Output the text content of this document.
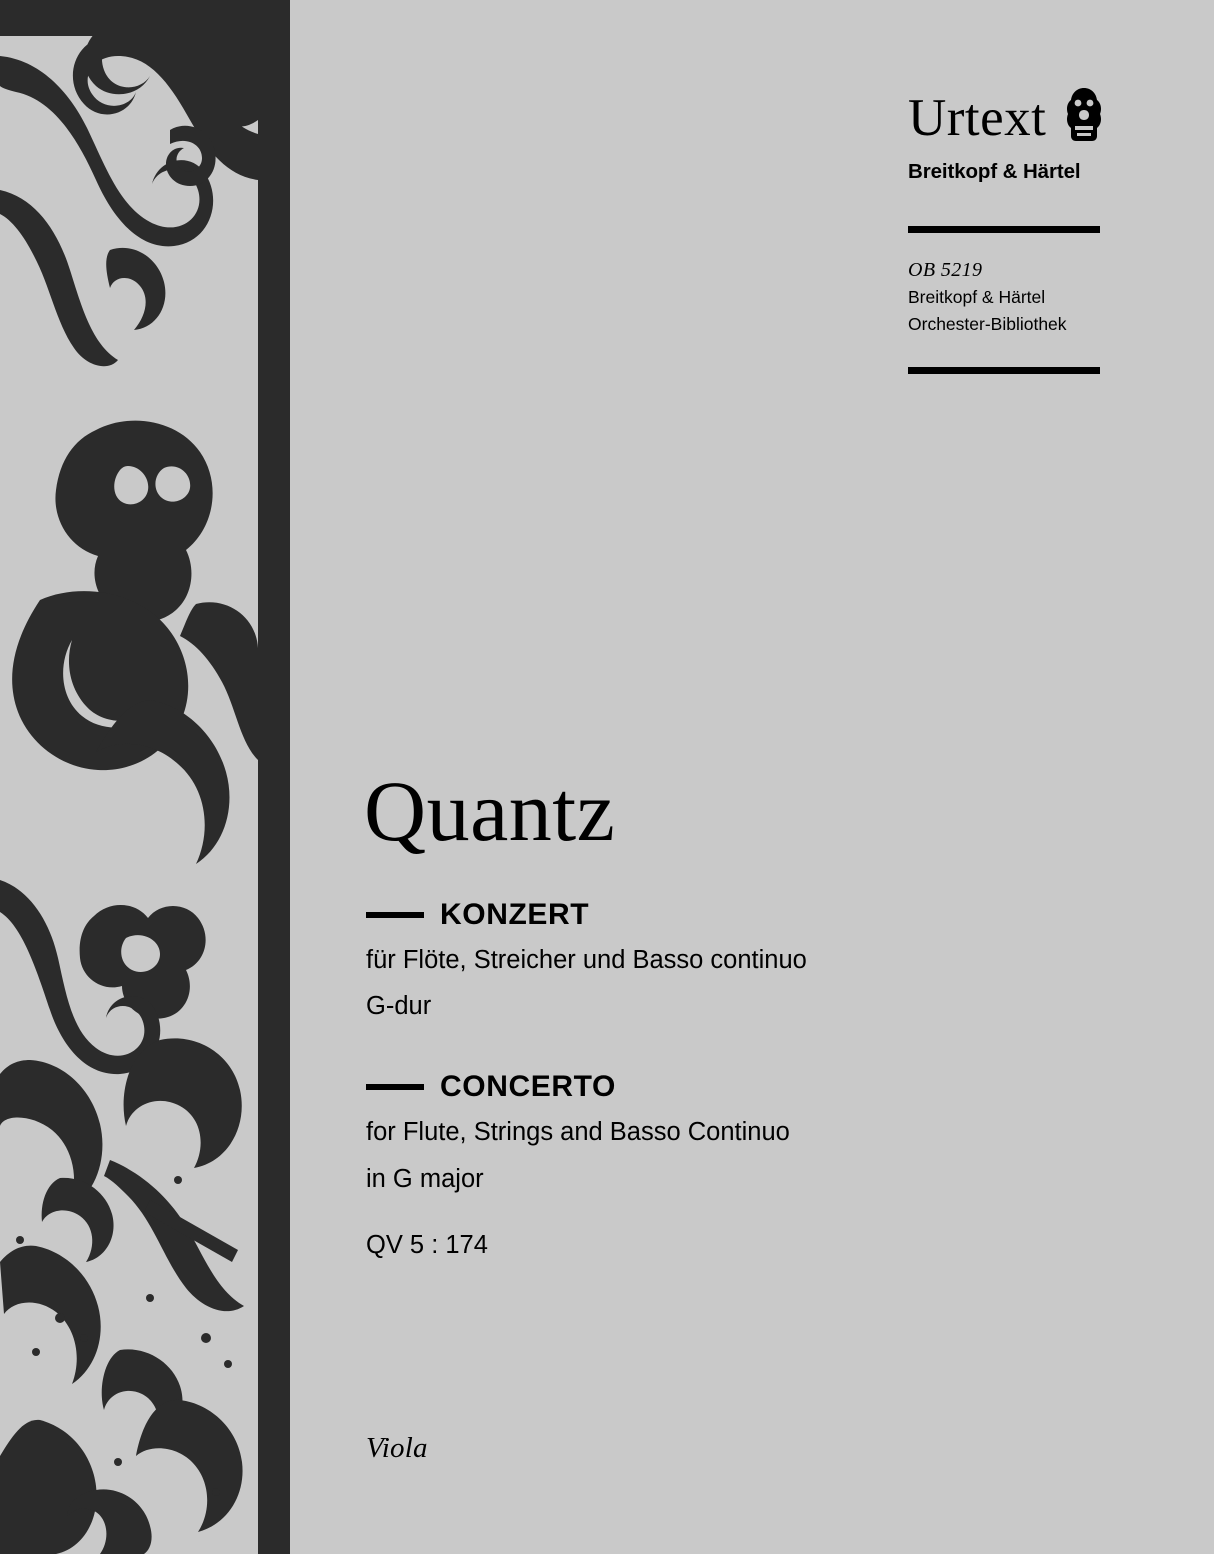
Urtext
Breitkopf & Härtel
OB 5219
Breitkopf & Härtel
Orchester-Bibliothek
Quantz
KONZERT
für Flöte, Streicher und Basso continuo
G-dur
CONCERTO
for Flute, Strings and Basso Continuo
in G major
QV 5 : 174
Viola
